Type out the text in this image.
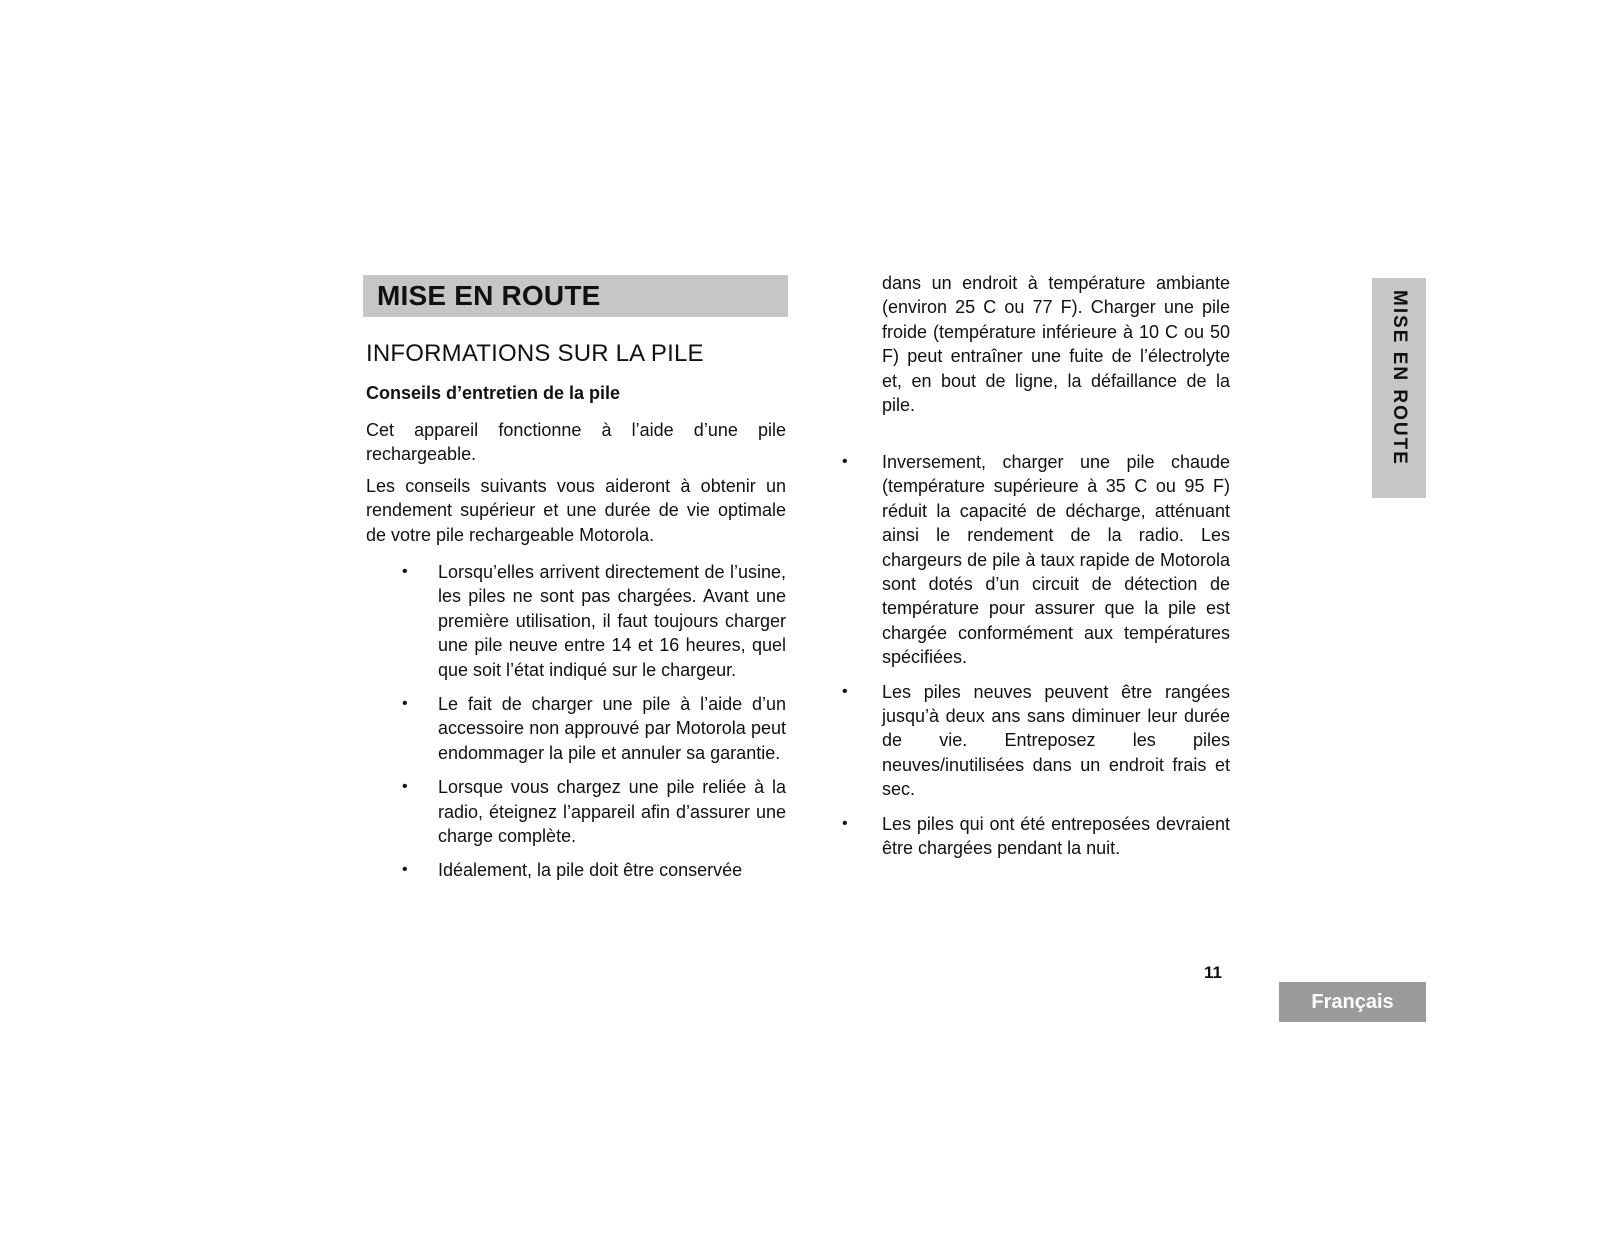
MISE EN ROUTE
INFORMATIONS SUR LA PILE
Conseils d’entretien de la pile

Cet appareil fonctionne à l’aide d’une pile rechargeable.

Les conseils suivants vous aideront à obtenir un rendement supérieur et une durée de vie optimale de votre pile rechargeable Motorola.

• Lorsqu’elles arrivent directement de l’usine, les piles ne sont pas chargées. Avant une première utilisation, il faut toujours charger une pile neuve entre 14 et 16 heures, quel que soit l’état indiqué sur le chargeur.
• Le fait de charger une pile à l’aide d’un accessoire non approuvé par Motorola peut endommager la pile et annuler sa garantie.
• Lorsque vous chargez une pile reliée à la radio, éteignez l’appareil afin d’assurer une charge complète.
• Idéalement, la pile doit être conservée

dans un endroit à température ambiante (environ 25 C ou 77 F). Charger une pile froide (température inférieure à 10 C ou 50 F) peut entraîner une fuite de l’électrolyte et, en bout de ligne, la défaillance de la pile.

• Inversement, charger une pile chaude (température supérieure à 35 C ou 95 F) réduit la capacité de décharge, atténuant ainsi le rendement de la radio. Les chargeurs de pile à taux rapide de Motorola sont dotés d’un circuit de détection de température pour assurer que la pile est chargée conformément aux températures spécifiées.
• Les piles neuves peuvent être rangées jusqu’à deux ans sans diminuer leur durée de vie. Entreposez les piles neuves/inutilisées dans un endroit frais et sec.
• Les piles qui ont été entreposées devraient être chargées pendant la nuit.
MISE EN ROUTE
11
Français
